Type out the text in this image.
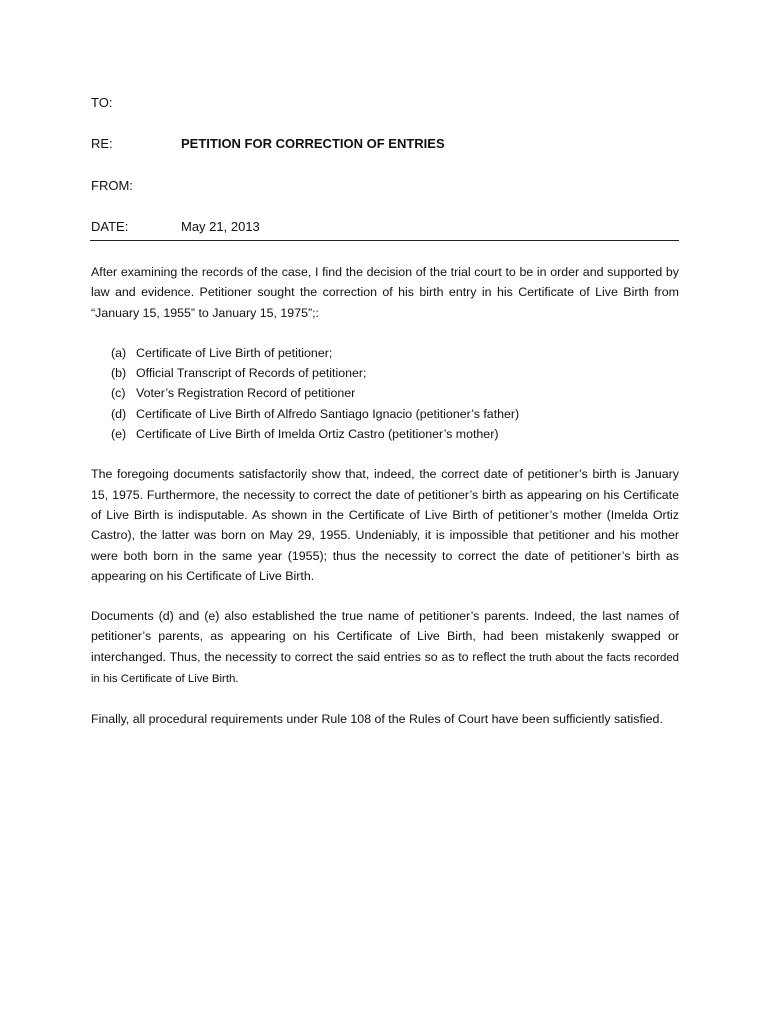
TO:
RE:	PETITION FOR CORRECTION OF ENTRIES
FROM:
DATE:	May 21, 2013

After examining the records of the case, I find the decision of the trial court to be in order and supported by law and evidence. Petitioner sought the correction of his birth entry in his Certificate of Live Birth from “January 15, 1955” to January 15, 1975”;:

(a) Certificate of Live Birth of petitioner;
(b) Official Transcript of Records of petitioner;
(c) Voter’s Registration Record of petitioner
(d) Certificate of Live Birth of Alfredo Santiago Ignacio (petitioner’s father)
(e) Certificate of Live Birth of Imelda Ortiz Castro (petitioner’s mother)

The foregoing documents satisfactorily show that, indeed, the correct date of petitioner’s birth is January 15, 1975. Furthermore, the necessity to correct the date of petitioner’s birth as appearing on his Certificate of Live Birth is indisputable. As shown in the Certificate of Live Birth of petitioner’s mother (Imelda Ortiz Castro), the latter was born on May 29, 1955. Undeniably, it is impossible that petitioner and his mother were both born in the same year (1955); thus the necessity to correct the date of petitioner’s birth as appearing on his Certificate of Live Birth.

Documents (d) and (e) also established the true name of petitioner’s parents. Indeed, the last names of petitioner’s parents, as appearing on his Certificate of Live Birth, had been mistakenly swapped or interchanged. Thus, the necessity to correct the said entries so as to reflect the truth about the facts recorded in his Certificate of Live Birth.

Finally, all procedural requirements under Rule 108 of the Rules of Court have been sufficiently satisfied.
